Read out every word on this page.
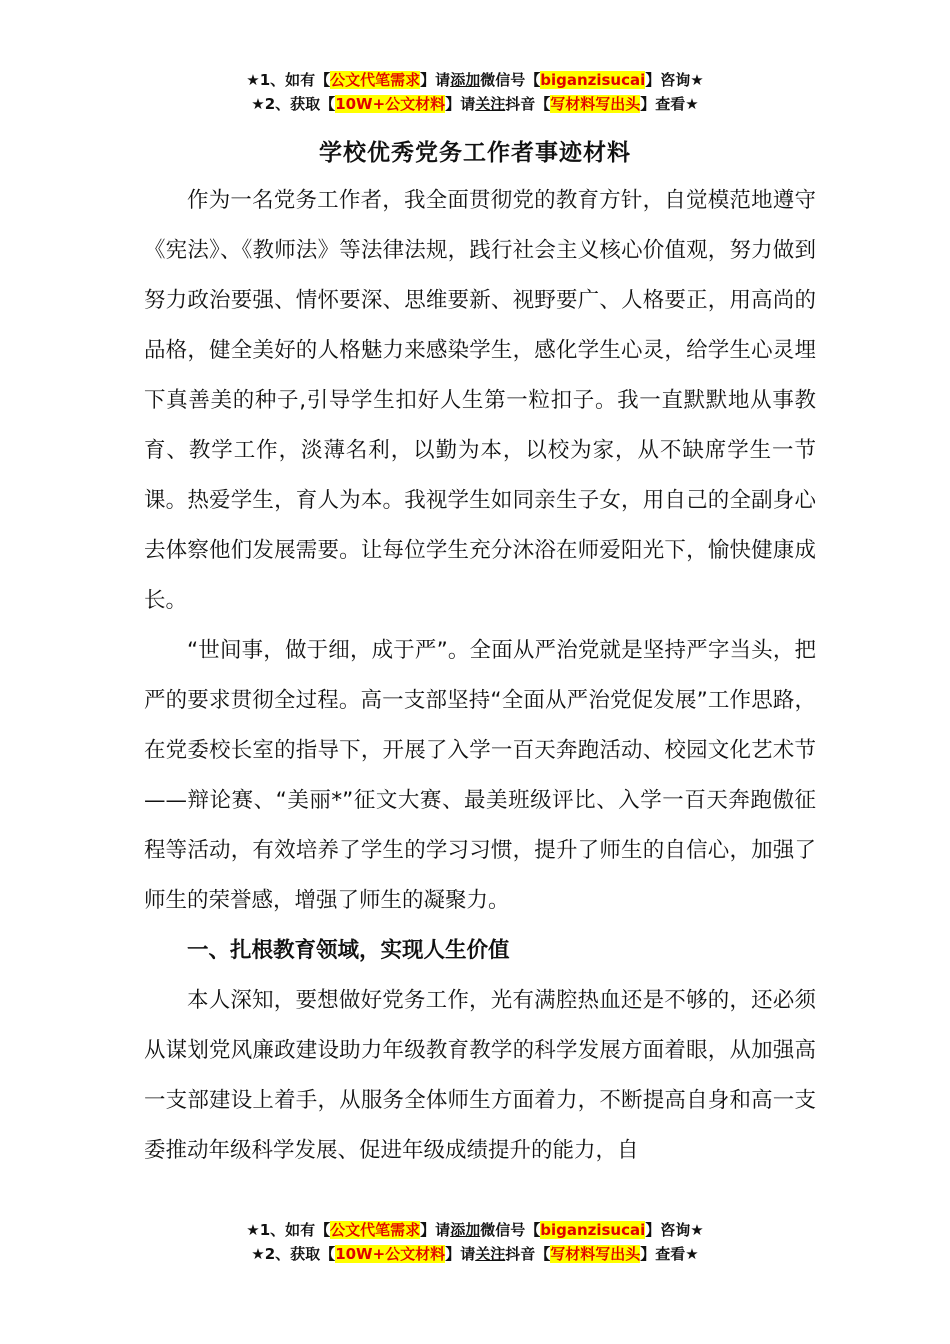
★1、如有【公文代笔需求】请添加微信号【biganzisucai】咨询★
★2、获取【10W+公文材料】请关注抖音【写材料写出头】查看★
学校优秀党务工作者事迹材料

作为一名党务工作者，我全面贯彻党的教育方针，自觉模范地遵守《宪法》、《教师法》等法律法规，践行社会主义核心价值观，努力做到努力政治要强、情怀要深、思维要新、视野要广、人格要正，用高尚的品格，健全美好的人格魅力来感染学生，感化学生心灵，给学生心灵埋下真善美的种子,引导学生扣好人生第一粒扣子。我一直默默地从事教育、教学工作，淡薄名利，以勤为本，以校为家，从不缺席学生一节课。热爱学生，育人为本。我视学生如同亲生子女，用自己的全副身心去体察他们发展需要。让每位学生充分沐浴在师爱阳光下，愉快健康成长。

“世间事，做于细，成于严”。全面从严治党就是坚持严字当头，把严的要求贯彻全过程。高一支部坚持“全面从严治党促发展”工作思路，在党委校长室的指导下，开展了入学一百天奔跑活动、校园文化艺术节——辩论赛、“美丽*”征文大赛、最美班级评比、入学一百天奔跑傲征程等活动，有效培养了学生的学习习惯，提升了师生的自信心，加强了师生的荣誉感，增强了师生的凝聚力。

一、扎根教育领域，实现人生价值

本人深知，要想做好党务工作，光有满腔热血还是不够的，还必须从谋划党风廉政建设助力年级教育教学的科学发展方面着眼，从加强高一支部建设上着手，从服务全体师生方面着力，不断提高自身和高一支委推动年级科学发展、促进年级成绩提升的能力，自

★1、如有【公文代笔需求】请添加微信号【biganzisucai】咨询★
★2、获取【10W+公文材料】请关注抖音【写材料写出头】查看★
